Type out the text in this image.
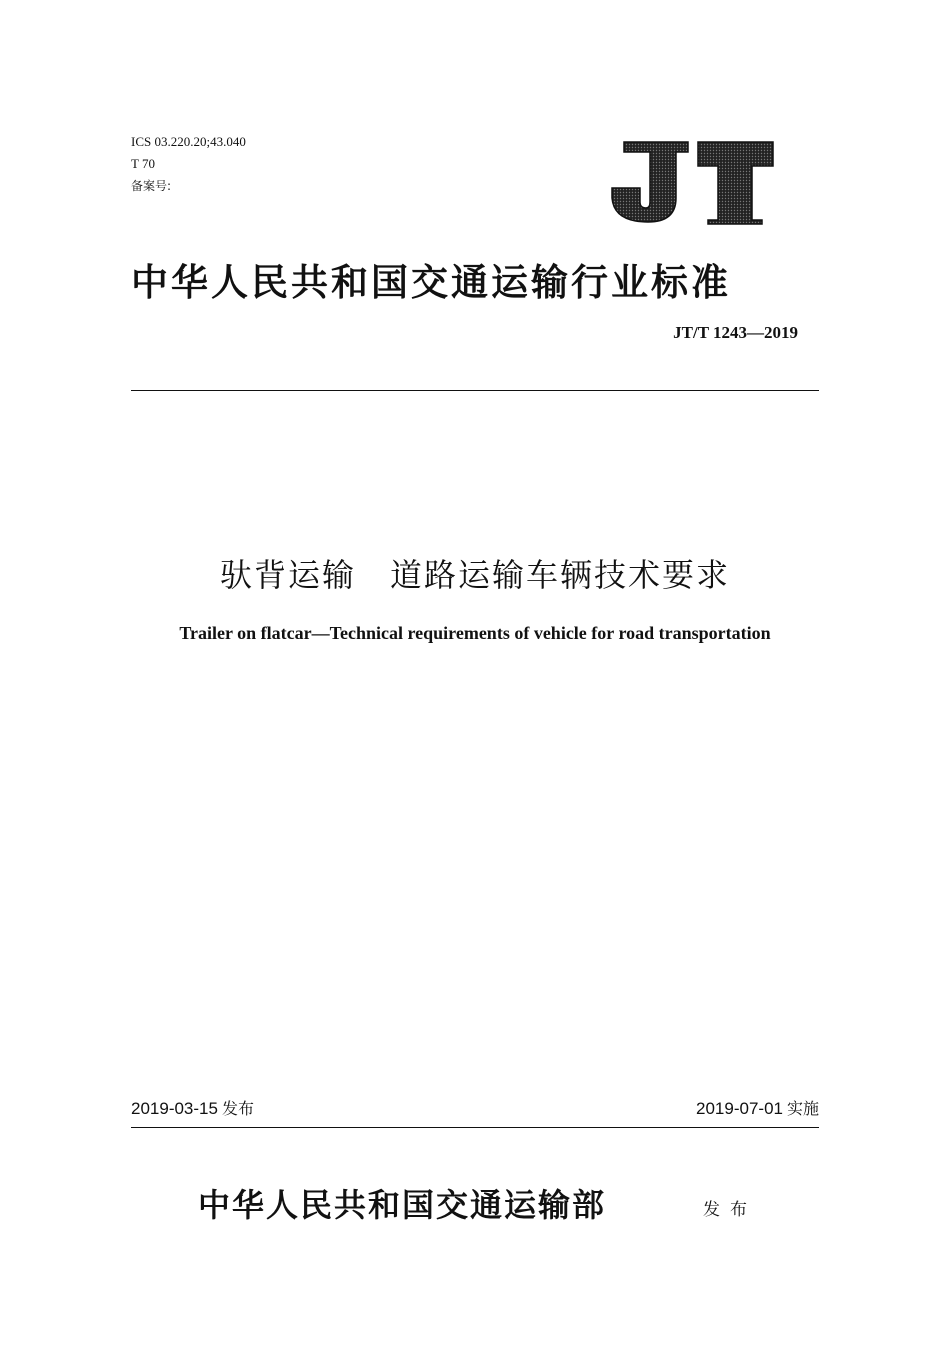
ICS 03.220.20;43.040
T 70
备案号:
中华人民共和国交通运输行业标准
JT/T 1243—2019
驮背运输　道路运输车辆技术要求
Trailer on flatcar—Technical requirements of vehicle for road transportation
2019-03-15 发布	2019-07-01 实施
中华人民共和国交通运输部	发布
